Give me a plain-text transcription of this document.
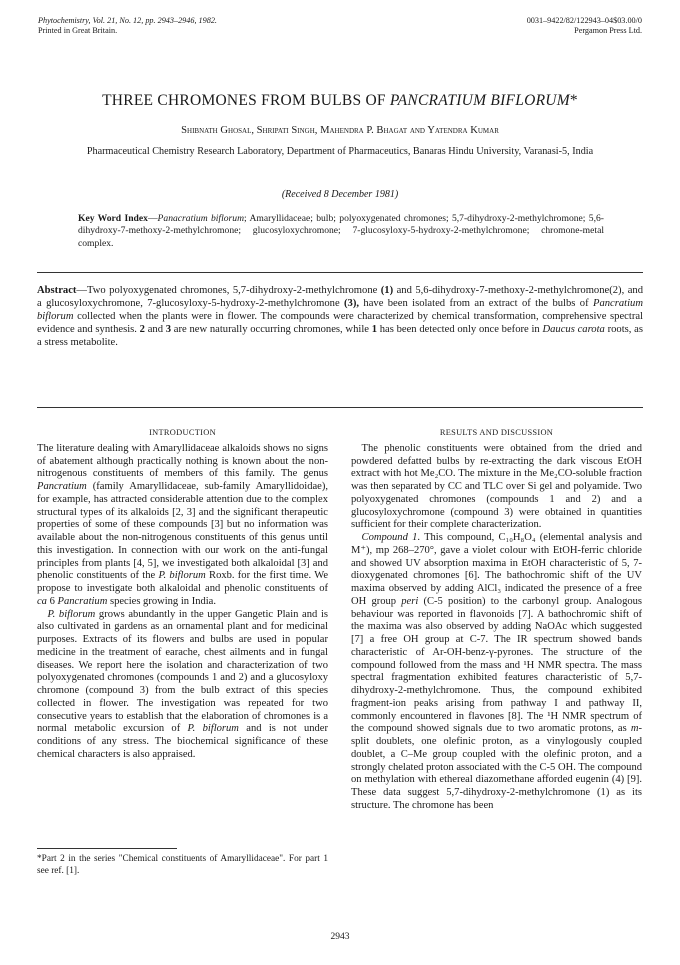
Phytochemistry, Vol. 21, No. 12, pp. 2943–2946, 1982.
Printed in Great Britain.
0031–9422/82/122943–04$03.00/0
Pergamon Press Ltd.
THREE CHROMONES FROM BULBS OF PANCRATIUM BIFLORUM*
Shibnath Ghosal, Shripati Singh, Mahendra P. Bhagat and Yatendra Kumar
Pharmaceutical Chemistry Research Laboratory, Department of Pharmaceutics, Banaras Hindu University, Varanasi-5, India
(Received 8 December 1981)
Key Word Index—Panacratium biflorum; Amaryllidaceae; bulb; polyoxygenated chromones; 5,7-dihydroxy-2-methylchromone; 5,6-dihydroxy-7-methoxy-2-methylchromone; glucosyloxychromone; 7-glucosyloxy-5-hydroxy-2-methylchromone; chromone-metal complex.
Abstract—Two polyoxygenated chromones, 5,7-dihydroxy-2-methylchromone (1) and 5,6-dihydroxy-7-methoxy-2-methylchromone(2), and a glucosyloxychromone, 7-glucosyloxy-5-hydroxy-2-methylchromone (3), have been isolated from an extract of the bulbs of Pancratium biflorum collected when the plants were in flower. The compounds were characterized by chemical transformation, comprehensive spectral evidence and synthesis. 2 and 3 are new naturally occurring chromones, while 1 has been detected only once before in Daucus carota roots, as a stress metabolite.
INTRODUCTION

The literature dealing with Amaryllidaceae alkaloids shows no signs of abatement although practically nothing is known about the non-nitrogenous constituents of members of this family. The genus Pancratium (family Amaryllidaceae, sub-family Amaryllidoidae), for example, has attracted considerable attention due to the complex structural types of its alkaloids [2, 3] and the significant therapeutic properties of some of these compounds [3] but no information was available about the non-nitrogenous constituents of this genus until this investigation. In connection with our work on the anti-fungal principles from plants [4, 5], we investigated both alkaloidal [3] and phenolic constituents of the P. biflorum Roxb. for the first time. We propose to investigate both alkaloidal and phenolic constituents of ca 6 Pancratium species growing in India.

P. biflorum grows abundantly in the upper Gangetic Plain and is also cultivated in gardens as an ornamental plant and for medicinal purposes. Extracts of its flowers and bulbs are used in popular medicine in the treatment of earache, chest ailments and in fungal diseases. We report here the isolation and characterization of two polyoxygenated chromones (compounds 1 and 2) and a glucosyloxy chromone (compound 3) from the bulb extract of this species collected in flower. The investigation was repeated for two consecutive years to establish that the elaboration of chromones is a normal metabolic excursion of P. biflorum and is not under conditions of any stress. The biochemical significance of these chemical characters is also appraised.

*Part 2 in the series "Chemical constituents of Amaryllidaceae". For part 1 see ref. [1].
RESULTS AND DISCUSSION

The phenolic constituents were obtained from the dried and powdered defatted bulbs by re-extracting the dark viscous EtOH extract with hot Me₂CO. The mixture in the Me₂CO-soluble fraction was then separated by CC and TLC over Si gel and polyamide. Two polyoxygenated chromones (compounds 1 and 2) and a glucosyloxychromone (compound 3) were obtained in quantities sufficient for their complete characterization.

Compound 1. This compound, C₁₀H₈O₄ (elemental analysis and M⁺), mp 268–270°, gave a violet colour with EtOH-ferric chloride and showed UV absorption maxima in EtOH characteristic of 5, 7-dioxygenated chromones [6]. The bathochromic shift of the UV maxima observed by adding AlCl₃ indicated the presence of a free OH group peri (C-5 position) to the carbonyl group. Analogous behaviour was reported in flavonoids [7]. A bathochromic shift of the maxima was also observed by adding NaOAc which suggested [7] a free OH group at C-7. The IR spectrum showed bands characteristic of Ar-OH-benz-γ-pyrones. The structure of the compound followed from the mass and ¹H NMR spectra. The mass spectral fragmentation exhibited features characteristic of 5,7-dihydroxy-2-methylchromone. Thus, the compound exhibited fragment-ion peaks arising from pathway I and pathway II, commonly encountered in flavones [8]. The ¹H NMR spectrum of the compound showed signals due to two aromatic protons, as m-split doublets, one olefinic proton, as a vinylogously coupled doublet, a C–Me group coupled with the olefinic proton, and a strongly chelated proton associated with the C-5 OH. The compound on methylation with ethereal diazomethane afforded eugenin (4) [9]. These data suggest 5,7-dihydroxy-2-methylchromone (1) as its structure. The chromone has been

2943
